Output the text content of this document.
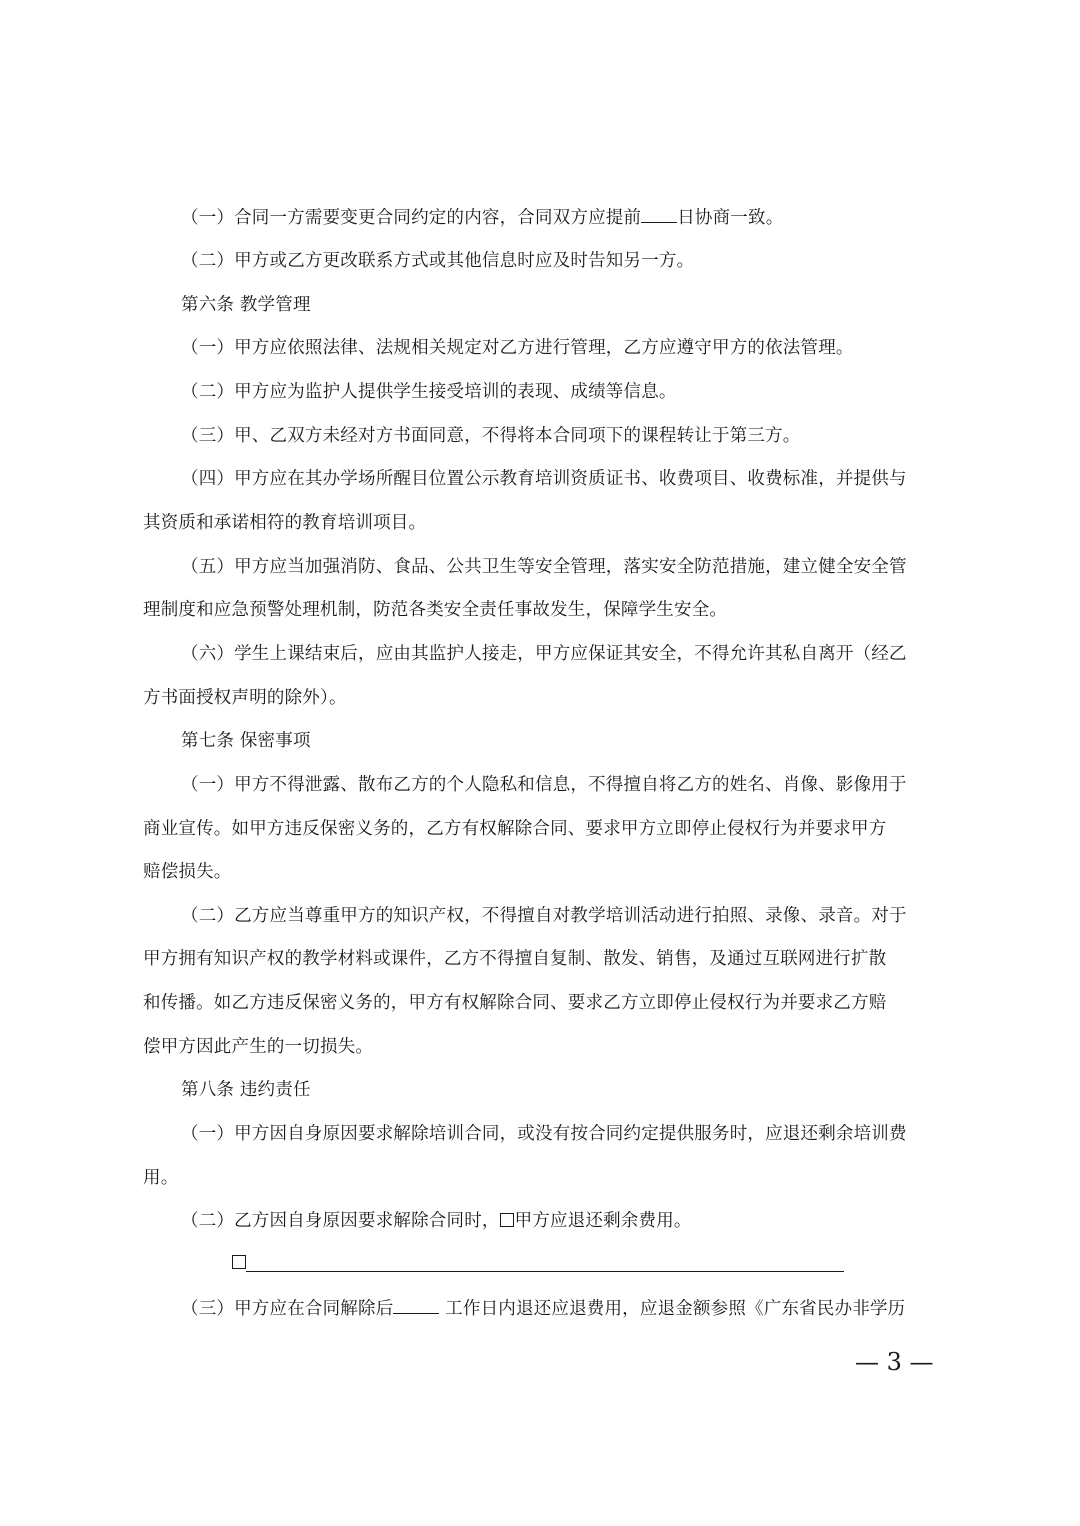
（一）合同一方需要变更合同约定的内容，合同双方应提前 日协商一致。
（二）甲方或乙方更改联系方式或其他信息时应及时告知另一方。
第六条 教学管理
（一）甲方应依照法律、法规相关规定对乙方进行管理，乙方应遵守甲方的依法管理。
（二）甲方应为监护人提供学生接受培训的表现、成绩等信息。
（三）甲、乙双方未经对方书面同意，不得将本合同项下的课程转让于第三方。
（四）甲方应在其办学场所醒目位置公示教育培训资质证书、收费项目、收费标准，并提供与
其资质和承诺相符的教育培训项目。
（五）甲方应当加强消防、食品、公共卫生等安全管理，落实安全防范措施，建立健全安全管
理制度和应急预警处理机制，防范各类安全责任事故发生，保障学生安全。
（六）学生上课结束后，应由其监护人接走，甲方应保证其安全，不得允许其私自离开（经乙
方书面授权声明的除外）。
第七条 保密事项
（一）甲方不得泄露、散布乙方的个人隐私和信息，不得擅自将乙方的姓名、肖像、影像用于
商业宣传。如甲方违反保密义务的，乙方有权解除合同、要求甲方立即停止侵权行为并要求甲方
赔偿损失。
（二）乙方应当尊重甲方的知识产权，不得擅自对教学培训活动进行拍照、录像、录音。对于
甲方拥有知识产权的教学材料或课件，乙方不得擅自复制、散发、销售，及通过互联网进行扩散
和传播。如乙方违反保密义务的，甲方有权解除合同、要求乙方立即停止侵权行为并要求乙方赔
偿甲方因此产生的一切损失。
第八条 违约责任
（一）甲方因自身原因要求解除培训合同，或没有按合同约定提供服务时，应退还剩余培训费
用。
（二）乙方因自身原因要求解除合同时， 甲方应退还剩余费用。
（三）甲方应在合同解除后	工作日内退还应退费用，应退金额参照《广东省民办非学历
— 3 —
